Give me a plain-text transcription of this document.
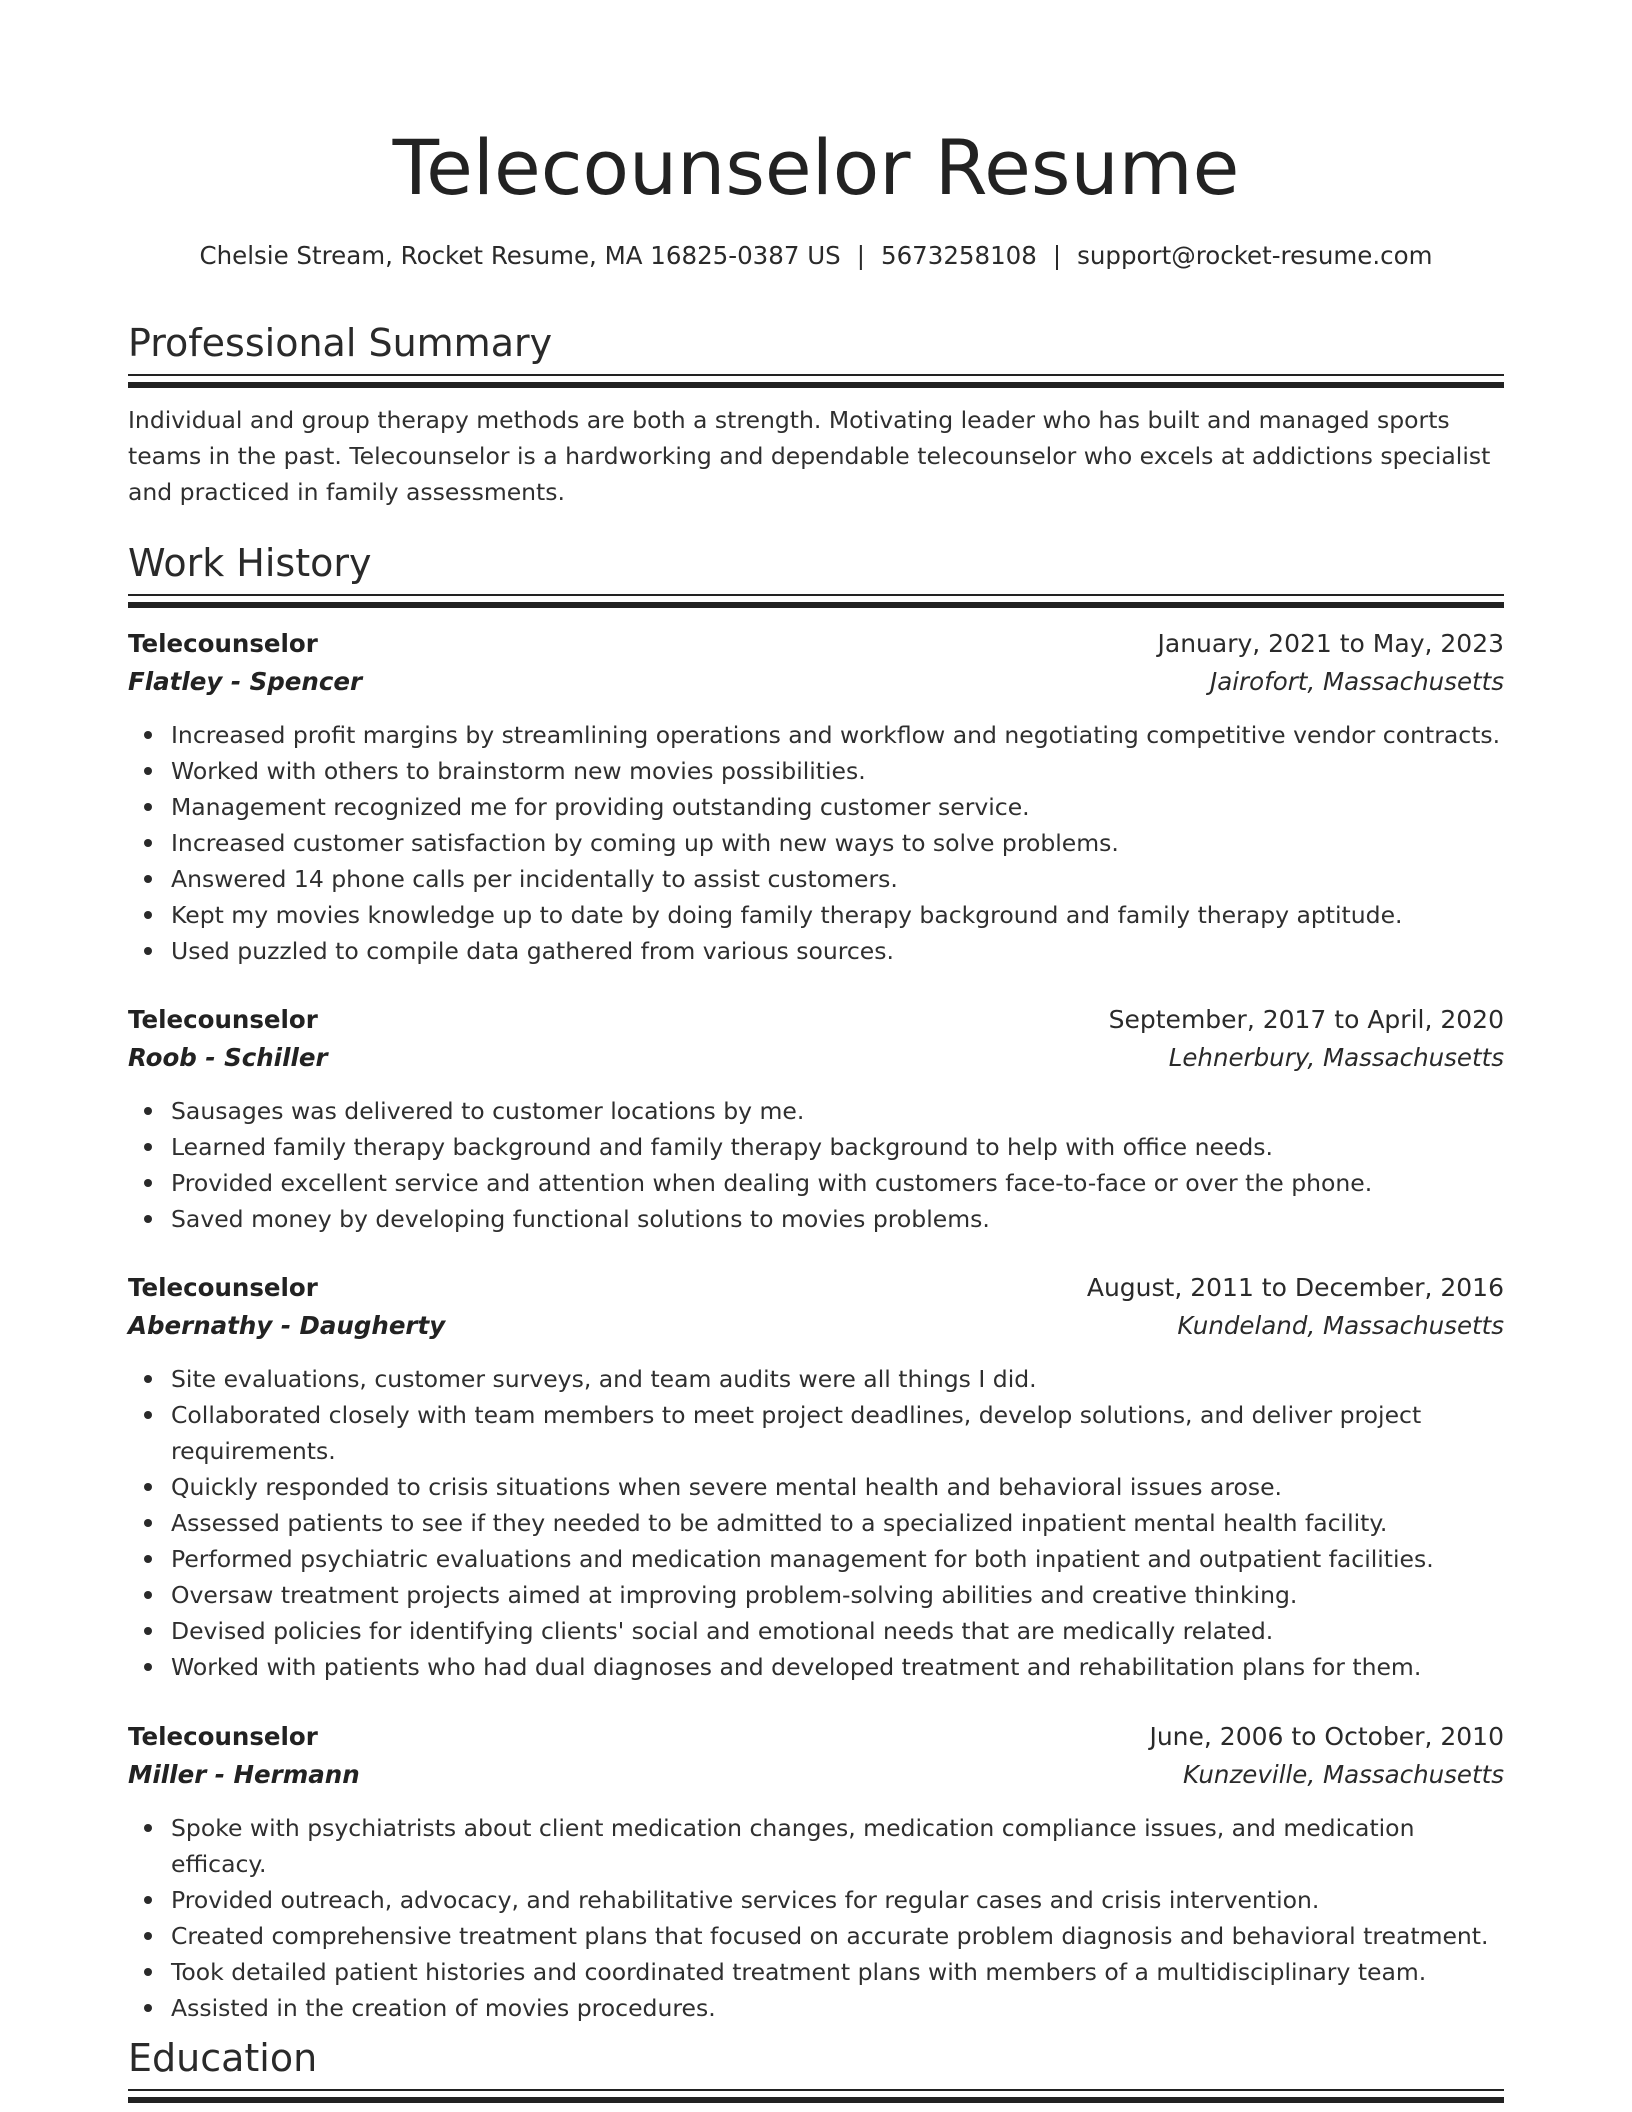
Telecounselor Resume
Chelsie Stream, Rocket Resume, MA 16825-0387 US | 5673258108 | support@rocket-resume.com
Professional Summary

Individual and group therapy methods are both a strength. Motivating leader who has built and managed sports teams in the past. Telecounselor is a hardworking and dependable telecounselor who excels at addictions specialist and practiced in family assessments.

Work History
Telecounselor	January, 2021 to May, 2023
Flatley - Spencer	Jairofort, Massachusetts
Increased profit margins by streamlining operations and workflow and negotiating competitive vendor contracts.
Worked with others to brainstorm new movies possibilities.
Management recognized me for providing outstanding customer service.
Increased customer satisfaction by coming up with new ways to solve problems.
Answered 14 phone calls per incidentally to assist customers.
Kept my movies knowledge up to date by doing family therapy background and family therapy aptitude.
Used puzzled to compile data gathered from various sources.
Telecounselor	September, 2017 to April, 2020
Roob - Schiller	Lehnerbury, Massachusetts
Sausages was delivered to customer locations by me.
Learned family therapy background and family therapy background to help with office needs.
Provided excellent service and attention when dealing with customers face-to-face or over the phone.
Saved money by developing functional solutions to movies problems.
Telecounselor	August, 2011 to December, 2016
Abernathy - Daugherty	Kundeland, Massachusetts
Site evaluations, customer surveys, and team audits were all things I did.
Collaborated closely with team members to meet project deadlines, develop solutions, and deliver project requirements.
Quickly responded to crisis situations when severe mental health and behavioral issues arose.
Assessed patients to see if they needed to be admitted to a specialized inpatient mental health facility.
Performed psychiatric evaluations and medication management for both inpatient and outpatient facilities.
Oversaw treatment projects aimed at improving problem-solving abilities and creative thinking.
Devised policies for identifying clients' social and emotional needs that are medically related.
Worked with patients who had dual diagnoses and developed treatment and rehabilitation plans for them.
Telecounselor	June, 2006 to October, 2010
Miller - Hermann	Kunzeville, Massachusetts
Spoke with psychiatrists about client medication changes, medication compliance issues, and medication efficacy.
Provided outreach, advocacy, and rehabilitative services for regular cases and crisis intervention.
Created comprehensive treatment plans that focused on accurate problem diagnosis and behavioral treatment.
Took detailed patient histories and coordinated treatment plans with members of a multidisciplinary team.
Assisted in the creation of movies procedures.
Education
